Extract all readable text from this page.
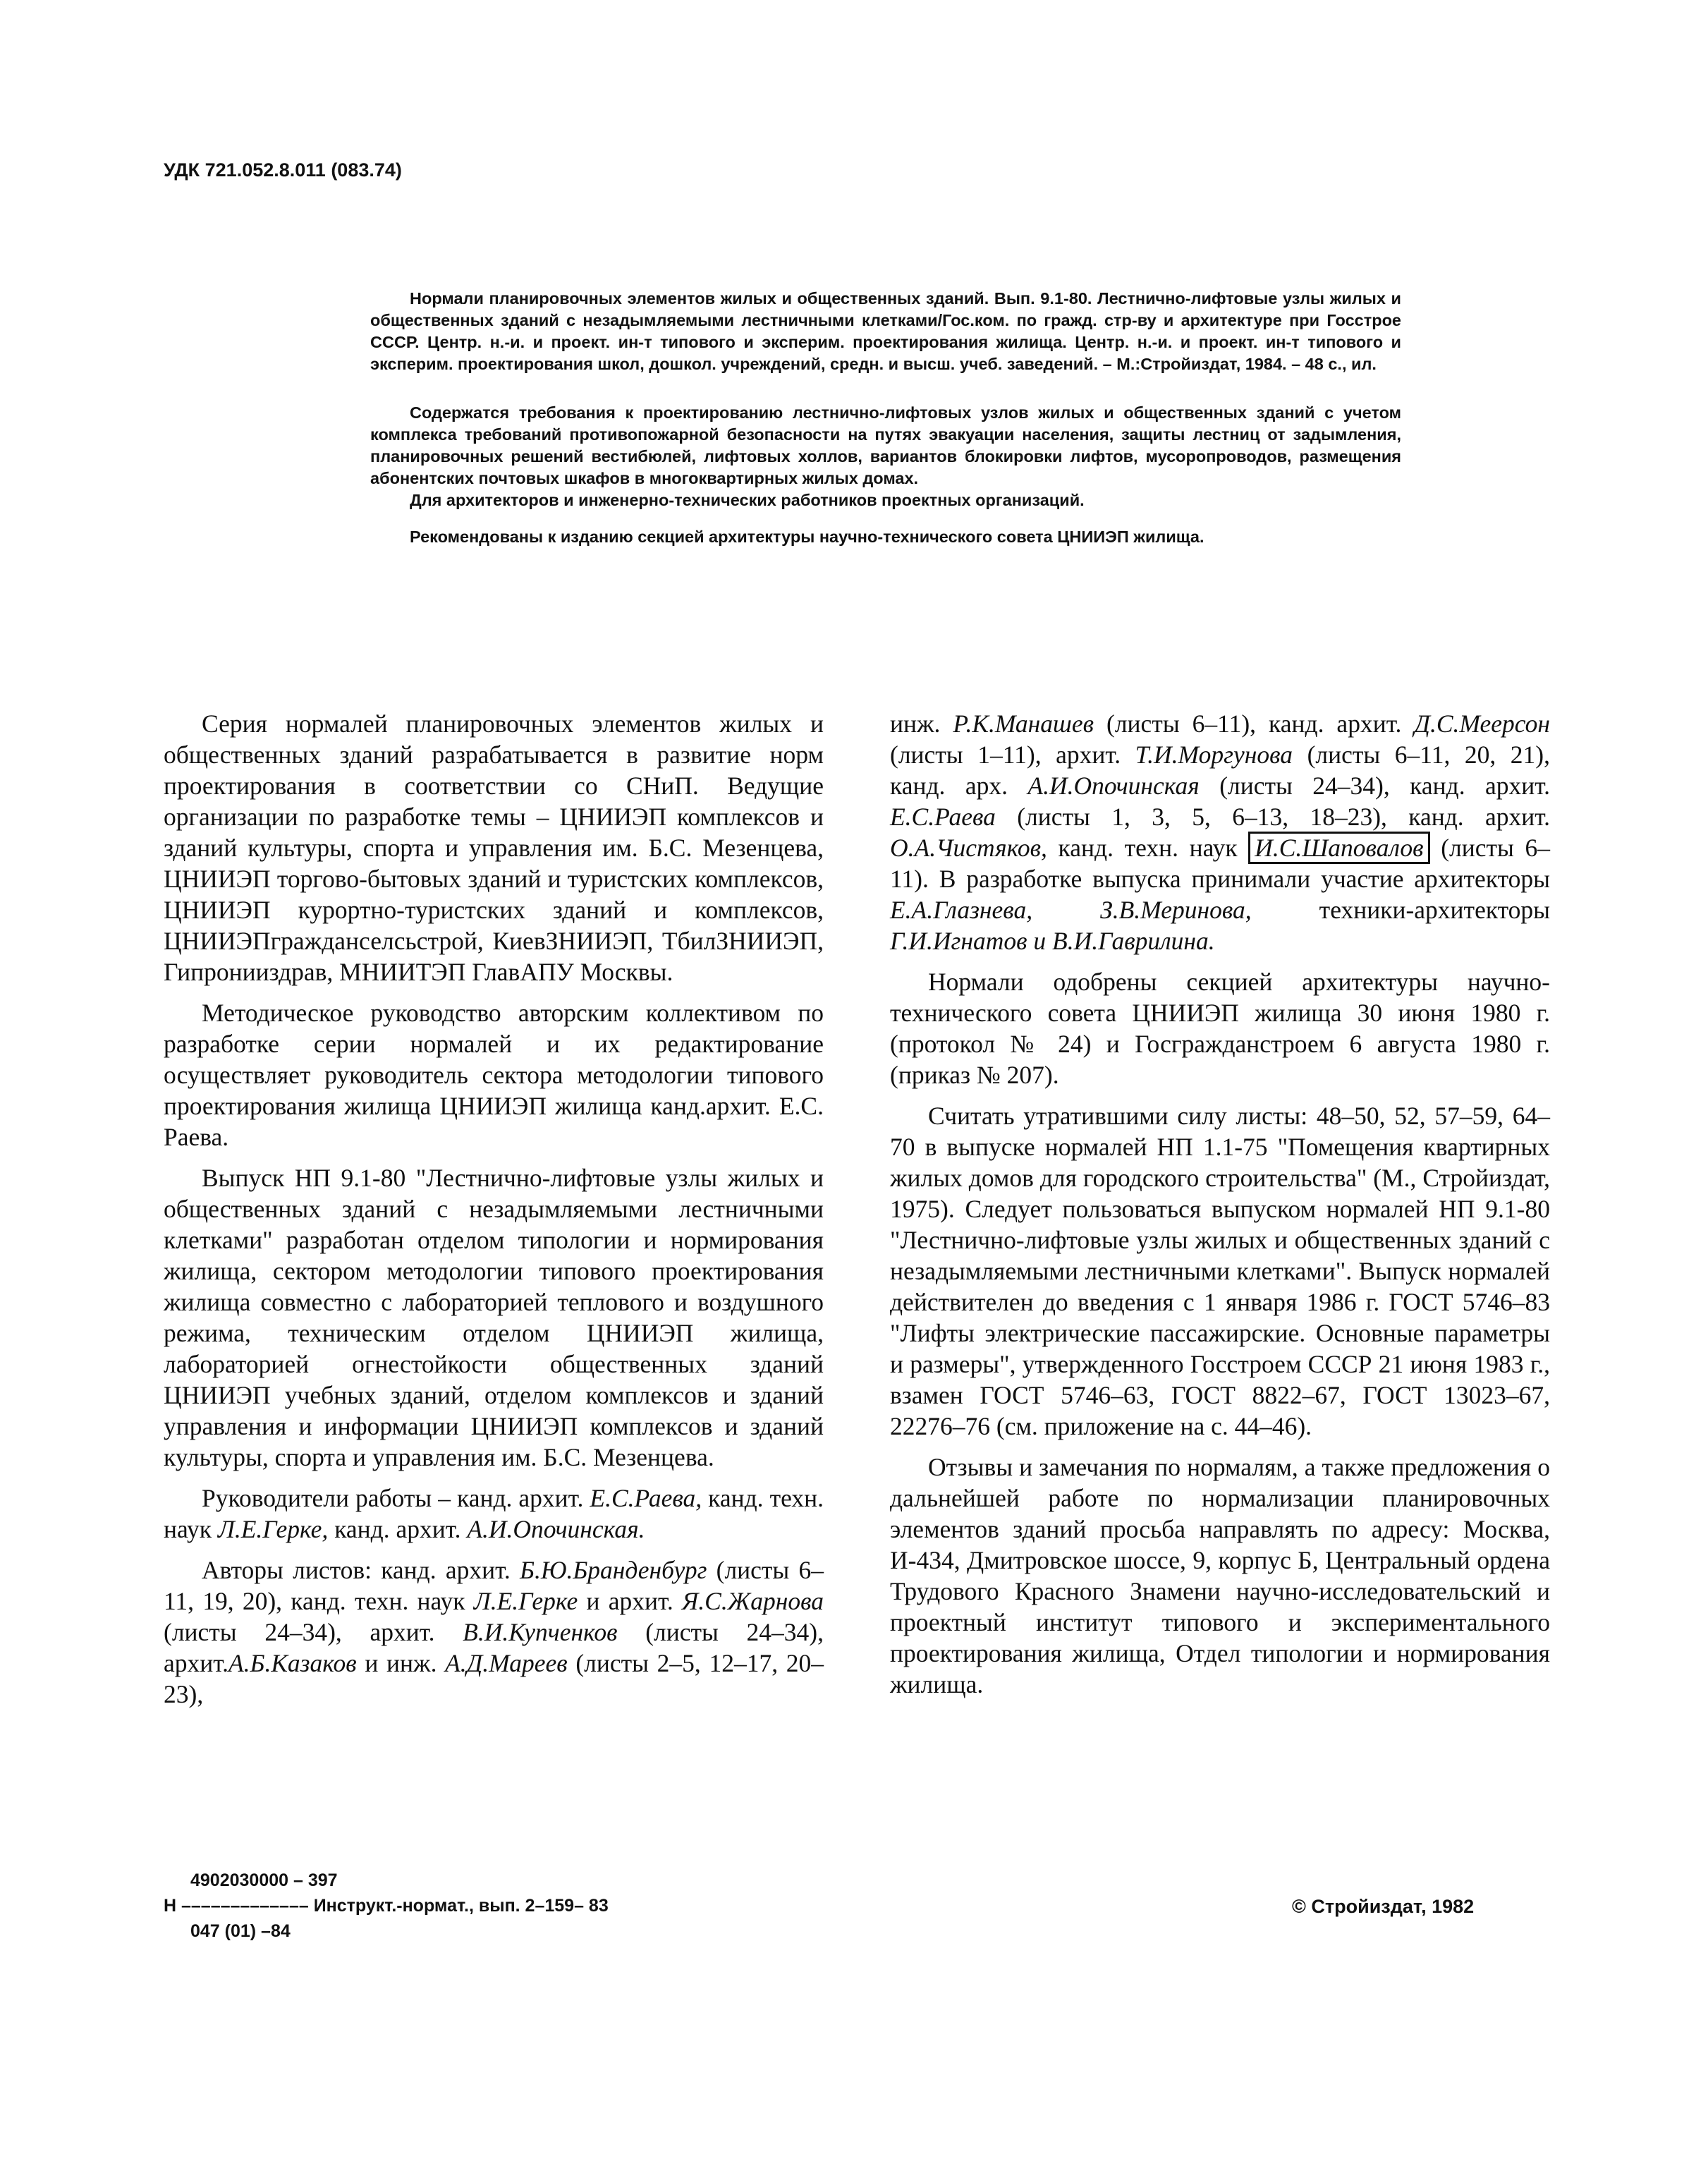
УДК 721.052.8.011 (083.74)

Нормали планировочных элементов жилых и общественных зданий. Вып. 9.1-80. Лестнично-лифтовые узлы жилых и общественных зданий с незадымляемыми лестничными клетками/Гос.ком. по гражд. стр-ву и архитектуре при Госстрое СССР. Центр. н.-и. и проект. ин-т типового и эксперим. проектирования жилища. Центр. н.-и. и проект. ин-т типового и эксперим. проектирования школ, дошкол. учреждений, средн. и высш. учеб. заведений. – М.:Стройиздат, 1984. – 48 с., ил.

Содержатся требования к проектированию лестнично-лифтовых узлов жилых и общественных зданий с учетом комплекса требований противопожарной безопасности на путях эвакуации населения, защиты лестниц от задымления, планировочных решений вестибюлей, лифтовых холлов, вариантов блокировки лифтов, мусоропроводов, размещения абонентских почтовых шкафов в многоквартирных жилых домах.

Для архитекторов и инженерно-технических работников проектных организаций.

Рекомендованы к изданию секцией архитектуры научно-технического совета ЦНИИЭП жилища.

Серия нормалей планировочных элементов жилых и общественных зданий разрабатывается в развитие норм проектирования в соответствии со СНиП. Ведущие организации по разработке темы – ЦНИИЭП комплексов и зданий культуры, спорта и управления им. Б.С. Мезенцева, ЦНИИЭП торгово-бытовых зданий и туристских комплексов, ЦНИИЭП курортно-туристских зданий и комплексов, ЦНИИЭПгражданселсьстрой, КиевЗНИИЭП, ТбилЗНИИЭП, Гипронииздрав, МНИИТЭП ГлавАПУ Москвы.

Методическое руководство авторским коллективом по разработке серии нормалей и их редактирование осуществляет руководитель сектора методологии типового проектирования жилища ЦНИИЭП жилища канд.архит. Е.С. Раева.

Выпуск НП 9.1-80 "Лестнично-лифтовые узлы жилых и общественных зданий с незадымляемыми лестничными клетками" разработан отделом типологии и нормирования жилища, сектором методологии типового проектирования жилища совместно с лабораторией теплового и воздушного режима, техническим отделом ЦНИИЭП жилища, лабораторией огнестойкости общественных зданий ЦНИИЭП учебных зданий, отделом комплексов и зданий управления и информации ЦНИИЭП комплексов и зданий культуры, спорта и управления им. Б.С. Мезенцева.

Руководители работы – канд. архит. Е.С.Раева, канд. техн. наук Л.Е.Герке, канд. архит. А.И.Опочинская.

Авторы листов: канд. архит. Б.Ю.Бранденбург (листы 6–11, 19, 20), канд. техн. наук Л.Е.Герке и архит. Я.С.Жарнова (листы 24–34), архит. В.И.Купченков (листы 24–34), архит.А.Б.Казаков и инж. А.Д.Мареев (листы 2–5, 12–17, 20–23),

инж. Р.К.Манашев (листы 6–11), канд. архит. Д.С.Меерсон (листы 1–11), архит. Т.И.Моргунова (листы 6–11, 20, 21), канд. арх. А.И.Опочинская (листы 24–34), канд. архит. Е.С.Раева (листы 1, 3, 5, 6–13, 18–23), канд. архит. О.А.Чистяков, канд. техн. наук И.С.Шаповалов (листы 6–11). В разработке выпуска принимали участие архитекторы Е.А.Глазнева, З.В.Меринова, техники-архитекторы Г.И.Игнатов и В.И.Гаврилина.

Нормали одобрены секцией архитектуры научно-технического совета ЦНИИЭП жилища 30 июня 1980 г. (протокол № 24) и Госгражданстроем 6 августа 1980 г. (приказ № 207).

Считать утратившими силу листы: 48–50, 52, 57–59, 64–70 в выпуске нормалей НП 1.1-75 "Помещения квартирных жилых домов для городского строительства" (М., Стройиздат, 1975). Следует пользоваться выпуском нормалей НП 9.1-80 "Лестнично-лифтовые узлы жилых и общественных зданий с незадымляемыми лестничными клетками". Выпуск нормалей действителен до введения с 1 января 1986 г. ГОСТ 5746–83 "Лифты электрические пассажирские. Основные параметры и размеры", утвержденного Госстроем СССР 21 июня 1983 г., взамен ГОСТ 5746–63, ГОСТ 8822–67, ГОСТ 13023–67, 22276–76 (см. приложение на с. 44–46).

Отзывы и замечания по нормалям, а также предложения о дальнейшей работе по нормализации планировочных элементов зданий просьба направлять по адресу: Москва, И-434, Дмитровское шоссе, 9, корпус Б, Центральный ордена Трудового Красного Знамени научно-исследовательский и проектный институт типового и экспериментального проектирования жилища, Отдел типологии и нормирования жилища.

4902030000 – 397
Н ––––––––––––– Инструкт.-нормат., вып. 2–159– 83
047 (01) –84
© Стройиздат, 1982
